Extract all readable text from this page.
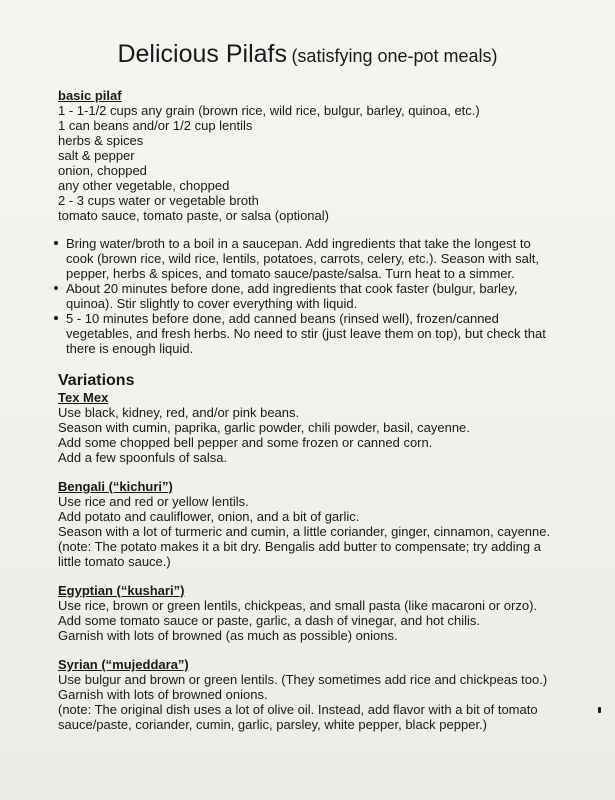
Delicious Pilafs (satisfying one-pot meals)
basic pilaf
1 - 1-1/2 cups any grain (brown rice, wild rice, bulgur, barley, quinoa, etc.)
1 can beans and/or 1/2 cup lentils
herbs & spices
salt & pepper
onion, chopped
any other vegetable, chopped
2 - 3 cups water or vegetable broth
tomato sauce, tomato paste, or salsa (optional)
Bring water/broth to a boil in a saucepan. Add ingredients that take the longest to
cook (brown rice, wild rice, lentils, potatoes, carrots, celery, etc.). Season with salt,
pepper, herbs & spices, and tomato sauce/paste/salsa. Turn heat to a simmer.
About 20 minutes before done, add ingredients that cook faster (bulgur, barley,
quinoa). Stir slightly to cover everything with liquid.
5 - 10 minutes before done, add canned beans (rinsed well), frozen/canned
vegetables, and fresh herbs. No need to stir (just leave them on top), but check that
there is enough liquid.
Variations
Tex Mex
Use black, kidney, red, and/or pink beans.
Season with cumin, paprika, garlic powder, chili powder, basil, cayenne.
Add some chopped bell pepper and some frozen or canned corn.
Add a few spoonfuls of salsa.
Bengali (“kichuri”)
Use rice and red or yellow lentils.
Add potato and cauliflower, onion, and a bit of garlic.
Season with a lot of turmeric and cumin, a little coriander, ginger, cinnamon, cayenne.
(note: The potato makes it a bit dry. Bengalis add butter to compensate; try adding a
little tomato sauce.)
Egyptian (“kushari”)
Use rice, brown or green lentils, chickpeas, and small pasta (like macaroni or orzo).
Add some tomato sauce or paste, garlic, a dash of vinegar, and hot chilis.
Garnish with lots of browned (as much as possible) onions.
Syrian (“mujeddara”)
Use bulgur and brown or green lentils. (They sometimes add rice and chickpeas too.)
Garnish with lots of browned onions.
(note: The original dish uses a lot of olive oil. Instead, add flavor with a bit of tomato
sauce/paste, coriander, cumin, garlic, parsley, white pepper, black pepper.)
